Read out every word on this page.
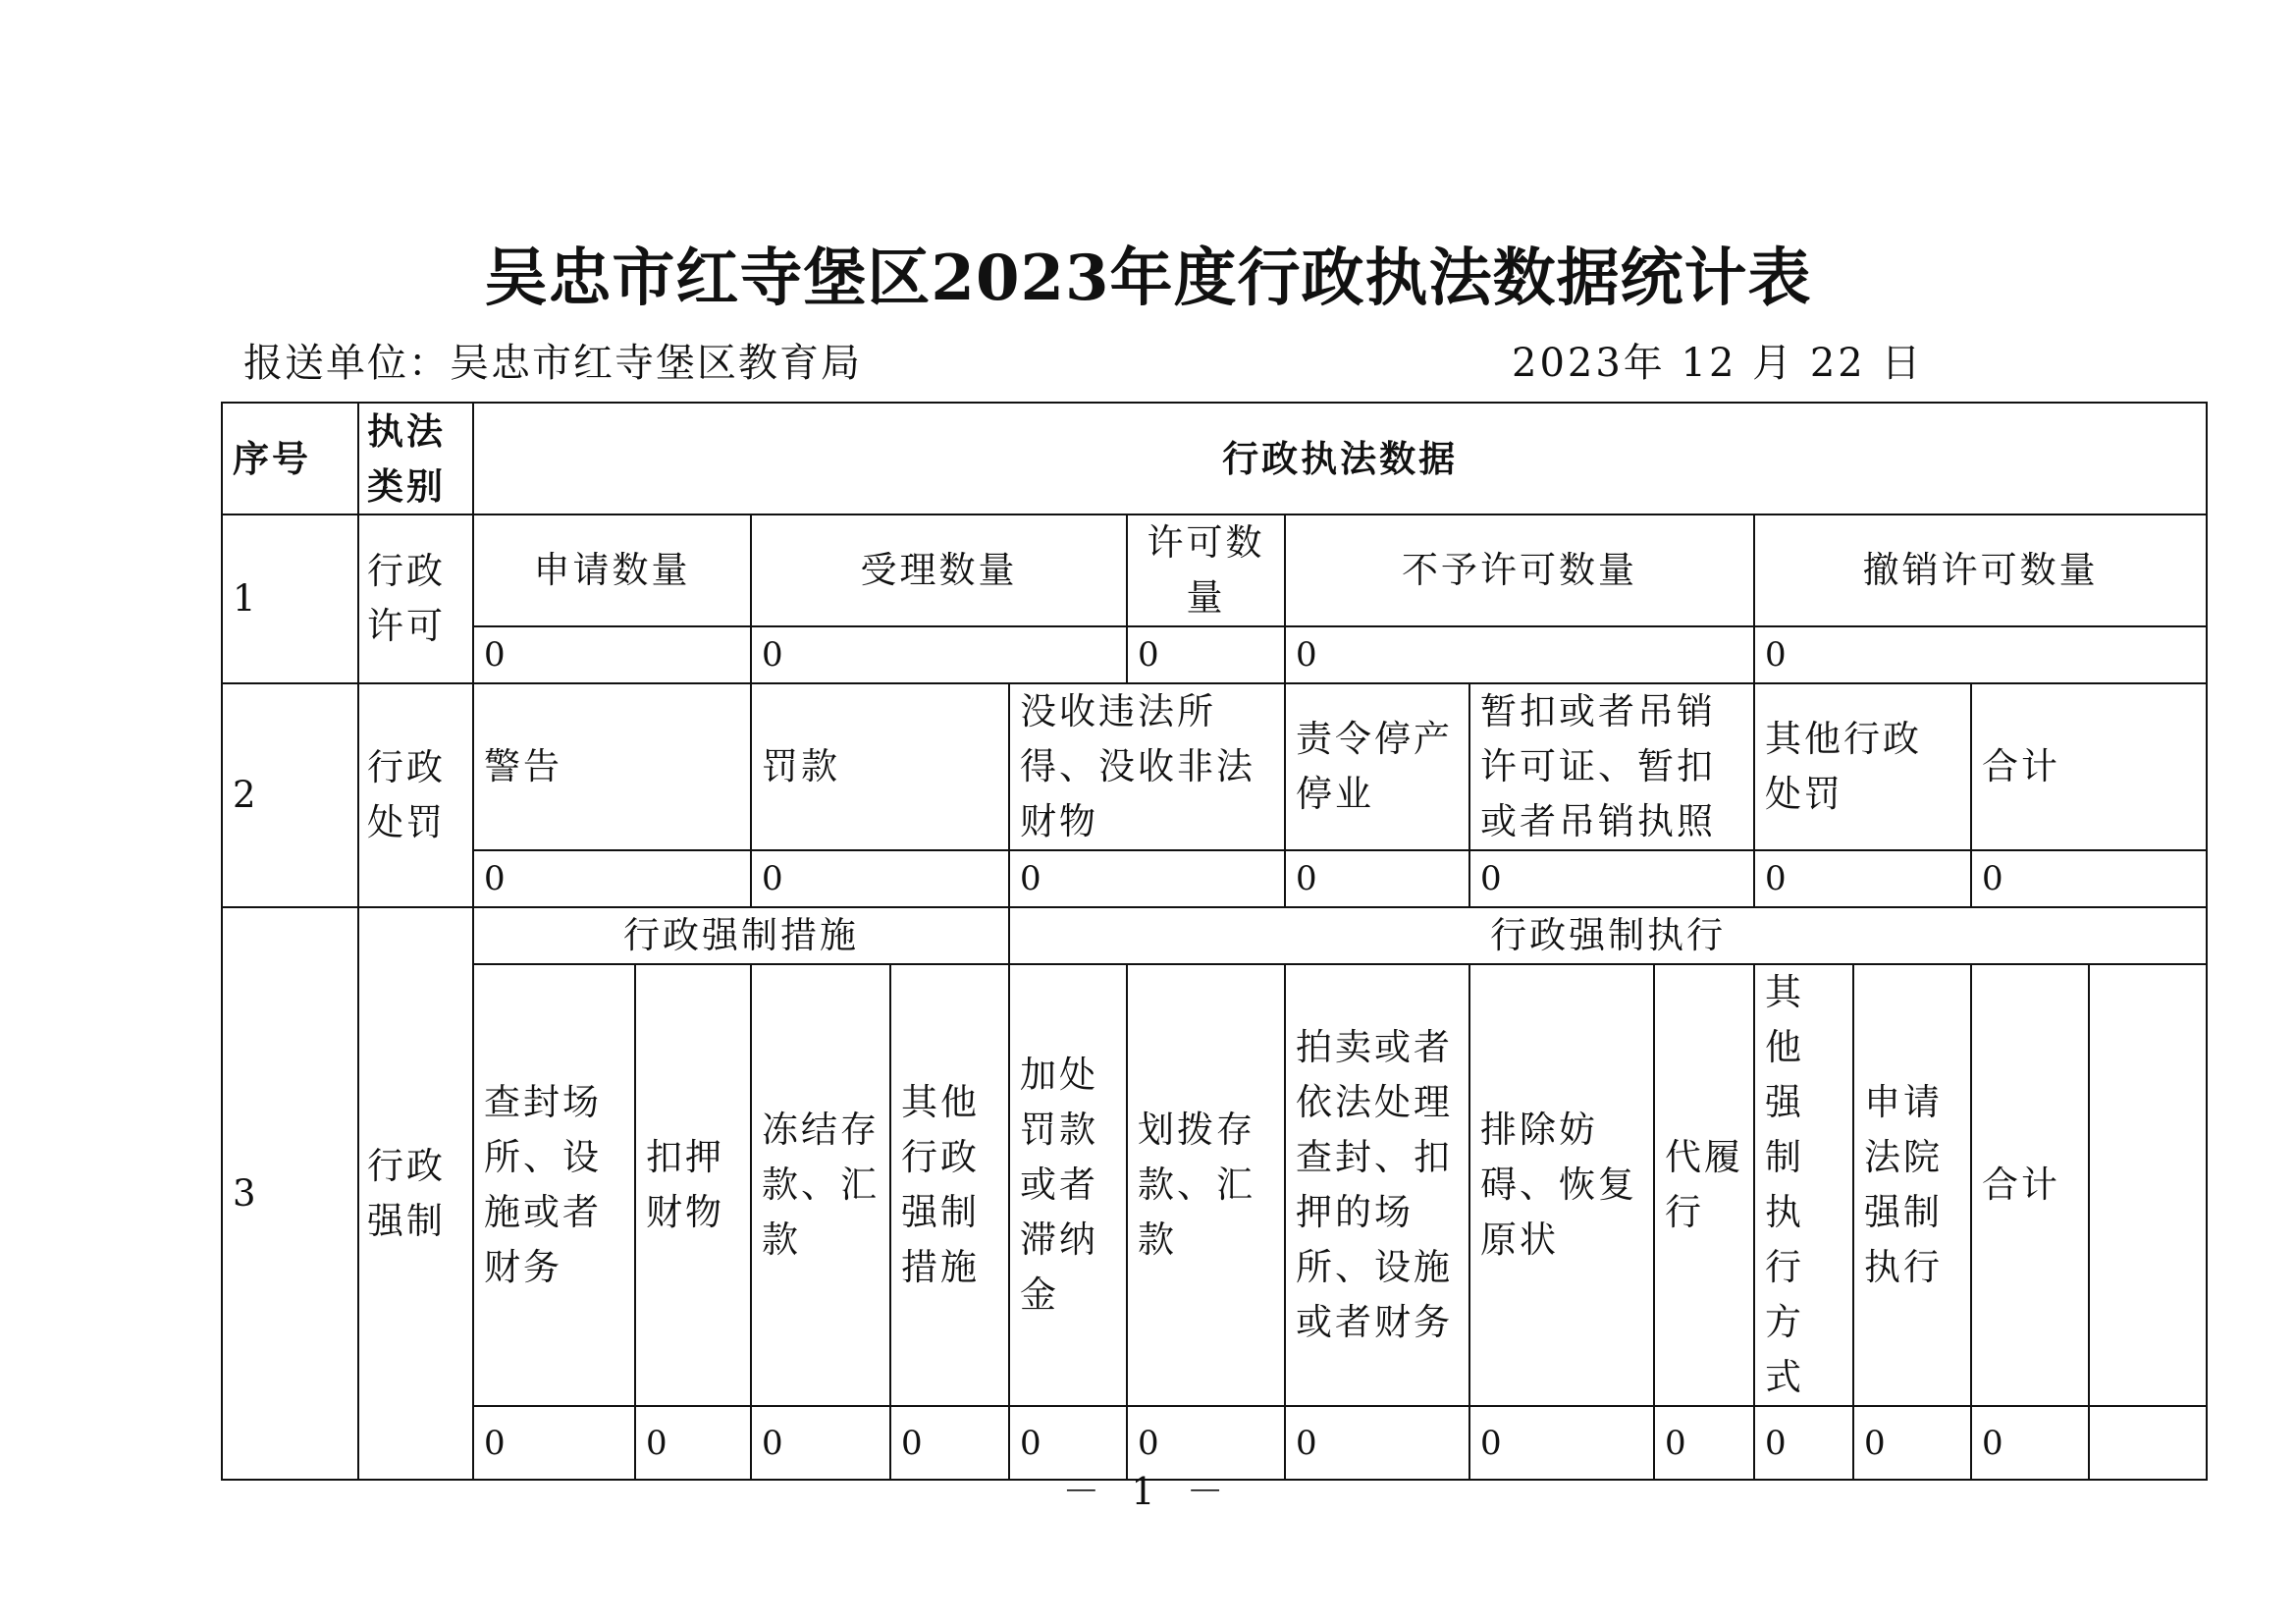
吴忠市红寺堡区2023年度行政执法数据统计表
报送单位：吴忠市红寺堡区教育局	2023年 12 月 22 日
序号	执法类别	行政执法数据												
1	行政许可	申请数量		受理数量			许可数量	不予许可数量			撤销许可数量			
		0		0			0	0			0			
2	行政处罚	警告		罚款		没收违法所得、没收非法财物		责令停产停业	暂扣或者吊销许可证、暂扣或者吊销执照		其他行政处罚		合计	

		0		0		0		0	0		0		0	
3	行政强制	行政强制措施				行政强制执行								

		查封场所、设施或者财务	扣押财物	冻结存款、汇款	其他行政强制措施	加处罚款或者滞纳金	划拨存款、汇款	拍卖或者依法处理查封、扣押的场所、设施或者财务	排除妨碍、恢复原状	代履行	其他强制执行方式	申请法院强制执行	合计	

		0	0	0	0	0	0	0	0	0	0	0	0	
－ 1 －
